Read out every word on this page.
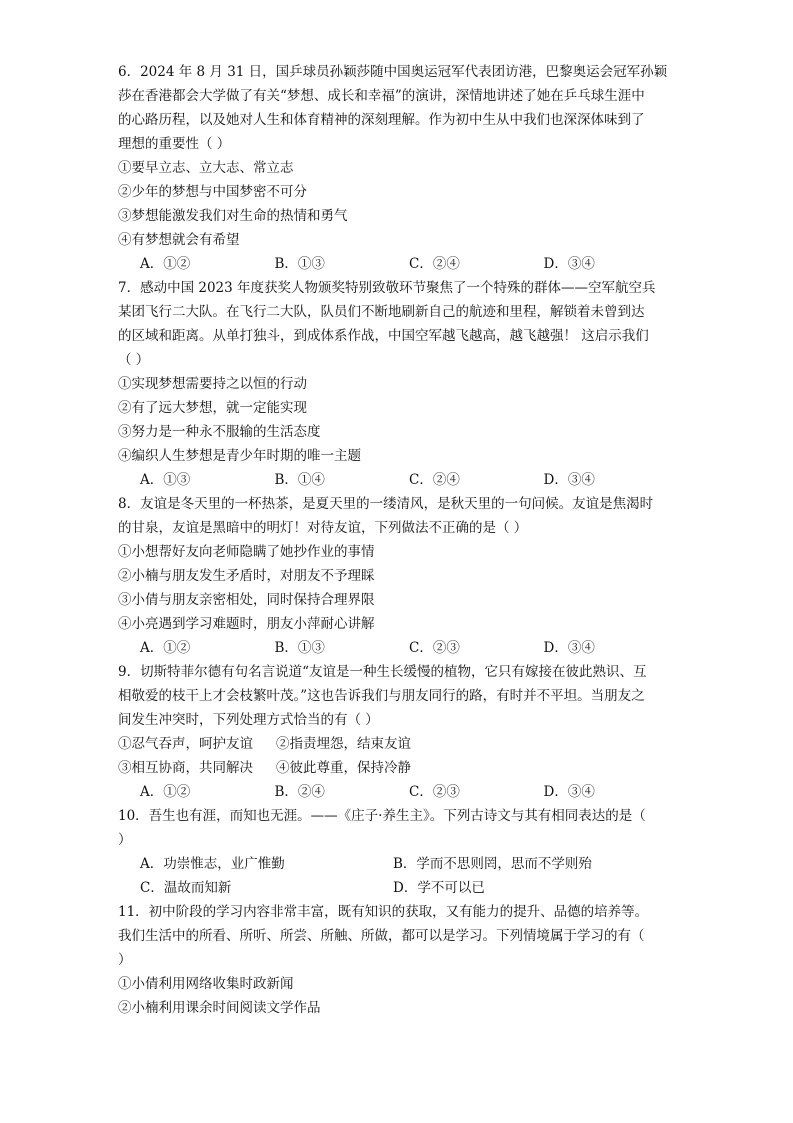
6．2024 年 8 月 31 日，国乒球员孙颖莎随中国奥运冠军代表团访港，巴黎奥运会冠军孙颖
莎在香港都会大学做了有关“梦想、成长和幸福”的演讲，深情地讲述了她在乒乓球生涯中
的心路历程，以及她对人生和体育精神的深刻理解。作为初中生从中我们也深深体味到了
理想的重要性（ ）
①要早立志、立大志、常立志
②少年的梦想与中国梦密不可分
③梦想能激发我们对生命的热情和勇气
④有梦想就会有希望
A．①②	B．①③	C．②④	D．③④
7．感动中国 2023 年度获奖人物颁奖特别致敬环节聚焦了一个特殊的群体——空军航空兵
某团飞行二大队。在飞行二大队，队员们不断地刷新自己的航迹和里程，解锁着未曾到达
的区域和距离。从单打独斗，到成体系作战，中国空军越飞越高，越飞越强！ 这启示我们
（ ）
①实现梦想需要持之以恒的行动
②有了远大梦想，就一定能实现
③努力是一种永不服输的生活态度
④编织人生梦想是青少年时期的唯一主题
A．①③	B．①④	C．②④	D．③④
8．友谊是冬天里的一杯热茶，是夏天里的一缕清风，是秋天里的一句问候。友谊是焦渴时
的甘泉，友谊是黑暗中的明灯！对待友谊，下列做法不正确的是（ ）
①小想帮好友向老师隐瞒了她抄作业的事情
②小楠与朋友发生矛盾时，对朋友不予理睬
③小倩与朋友亲密相处，同时保持合理界限
④小亮遇到学习难题时，朋友小萍耐心讲解
A．①②	B．①③	C．②③	D．③④
9．切斯特菲尔德有句名言说道“友谊是一种生长缓慢的植物，它只有嫁接在彼此熟识、互
相敬爱的枝干上才会枝繁叶茂。”这也告诉我们与朋友同行的路，有时并不平坦。当朋友之
间发生冲突时，下列处理方式恰当的有（ ）
①忍气吞声，呵护友谊	②指责埋怨，结束友谊
③相互协商，共同解决	④彼此尊重，保持冷静
A．①②	B．②④	C．②③	D．③④
10．吾生也有涯，而知也无涯。——《庄子·养生主》。下列古诗文与其有相同表达的是（
）
A．功崇惟志，业广惟勤	B．学而不思则罔，思而不学则殆
C．温故而知新	D．学不可以已
11．初中阶段的学习内容非常丰富，既有知识的获取，又有能力的提升、品德的培养等。
我们生活中的所看、所听、所尝、所触、所做，都可以是学习。下列情境属于学习的有（
）
①小倩利用网络收集时政新闻
②小楠利用课余时间阅读文学作品
